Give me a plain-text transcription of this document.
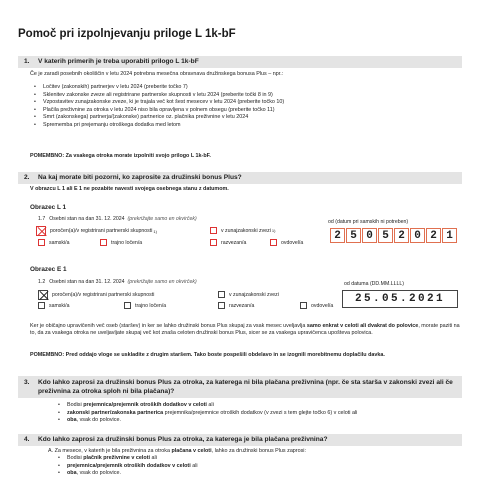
Pomoč pri izpolnjevanju priloge L 1k-bF
1. V katerih primerih je treba uporabiti prilogo L 1k-bF
Če je zaradi posebnih okoliščin v letu 2024 potrebna mesečna obravnava družinskega bonusa Plus – npr.:
• Ločitev (zakonskih) partnerjev v letu 2024 (preberite točko 7)
• Sklenitev zakonske zveze ali registrirane partnerske skupnosti v letu 2024 (preberite točki 8 in 9)
• Vzpostavitev zunajzakonske zveze, ki je trajala več kot šest mesecev v letu 2024 (preberite točko 10)
• Plačila preživnine za otroka v letu 2024 niso bila opravljena v polnem obsegu (preberite točko 11)
• Smrt (zakonskega) partnerja/(zakonske) partnerice oz. plačnika preživnine v letu 2024
• Sprememba pri prejemanju otroškega dodatka med letom
POMEMBNO: Za vsakega otroka morate izpolniti svojo prilogo L 1k-bF.
2. Na kaj morate biti pozorni, ko zaprosite za družinski bonus Plus?
V obrazcu L 1 ali E 1 ne pozabite navesti svojega osebnega stanu z datumom.
Obrazec L 1
1.7 Osebni stan na dan 31. 12. 2024 (prekrižajte samo en okvirček)
poročen(a)/v registrirani partnerski skupnosti 1)	v zunajzakonski zvezi 1)
samski/a	trajno ločen/a	razvezan/a	ovdovel/a
od (datum pri samskih ni potreben)
2 5 0 5 2 0 2 1
Obrazec E 1
1.2 Osebni stan na dan 31. 12. 2024 (prekrižajte samo en okvirček)
poročen(a)/v registrirani partnerski skupnosti	v zunajzakonski zvezi
samski/a	trajno ločen/a	razvezan/a	ovdovel/a
od datuma (DD.MM.LLLL)
25.05.2021
Ker je običajno upravičenih več oseb (staršev) in ker se lahko družinski bonus Plus skupaj za vsak mesec uveljavlja samo enkrat v celoti ali dvakrat do polovice, morate paziti na to, da za vsakega otroka ne uveljavljate skupaj več kot znaša celoten družinski bonus Plus, sicer se za vsakega upravičenca upošteva polovica.
POMEMBNO: Pred oddajo vloge se uskladite z drugim staršem. Tako boste pospešili obdelavo in se izognili morebitnemu doplačilu davka.
3.	Kdo lahko zaprosi za družinski bonus Plus za otroka, za katerega ni bila plačana preživnina (npr. če sta starša v zakonski zvezi ali če preživnina za otroka sploh ni bila plačana)?
• Bodisi prejemnica/prejemnik otroških dodatkov v celoti ali
• zakonski partner/zakonska partnerica prejemnika/prejemnice otroških dodatkov (v zvezi s tem glejte točko 6) v celoti ali
• oba, vsak do polovice.
4. Kdo lahko zaprosi za družinski bonus Plus za otroka, za katerega je bila plačana preživnina?
A. Za mesece, v katerih je bila preživnina za otroka plačana v celoti, lahko za družinski bonus Plus zaprosi:
• Bodisi plačnik preživnine v celoti ali
• prejemnica/prejemnik otroških dodatkov v celoti ali
• oba, vsak do polovice.
